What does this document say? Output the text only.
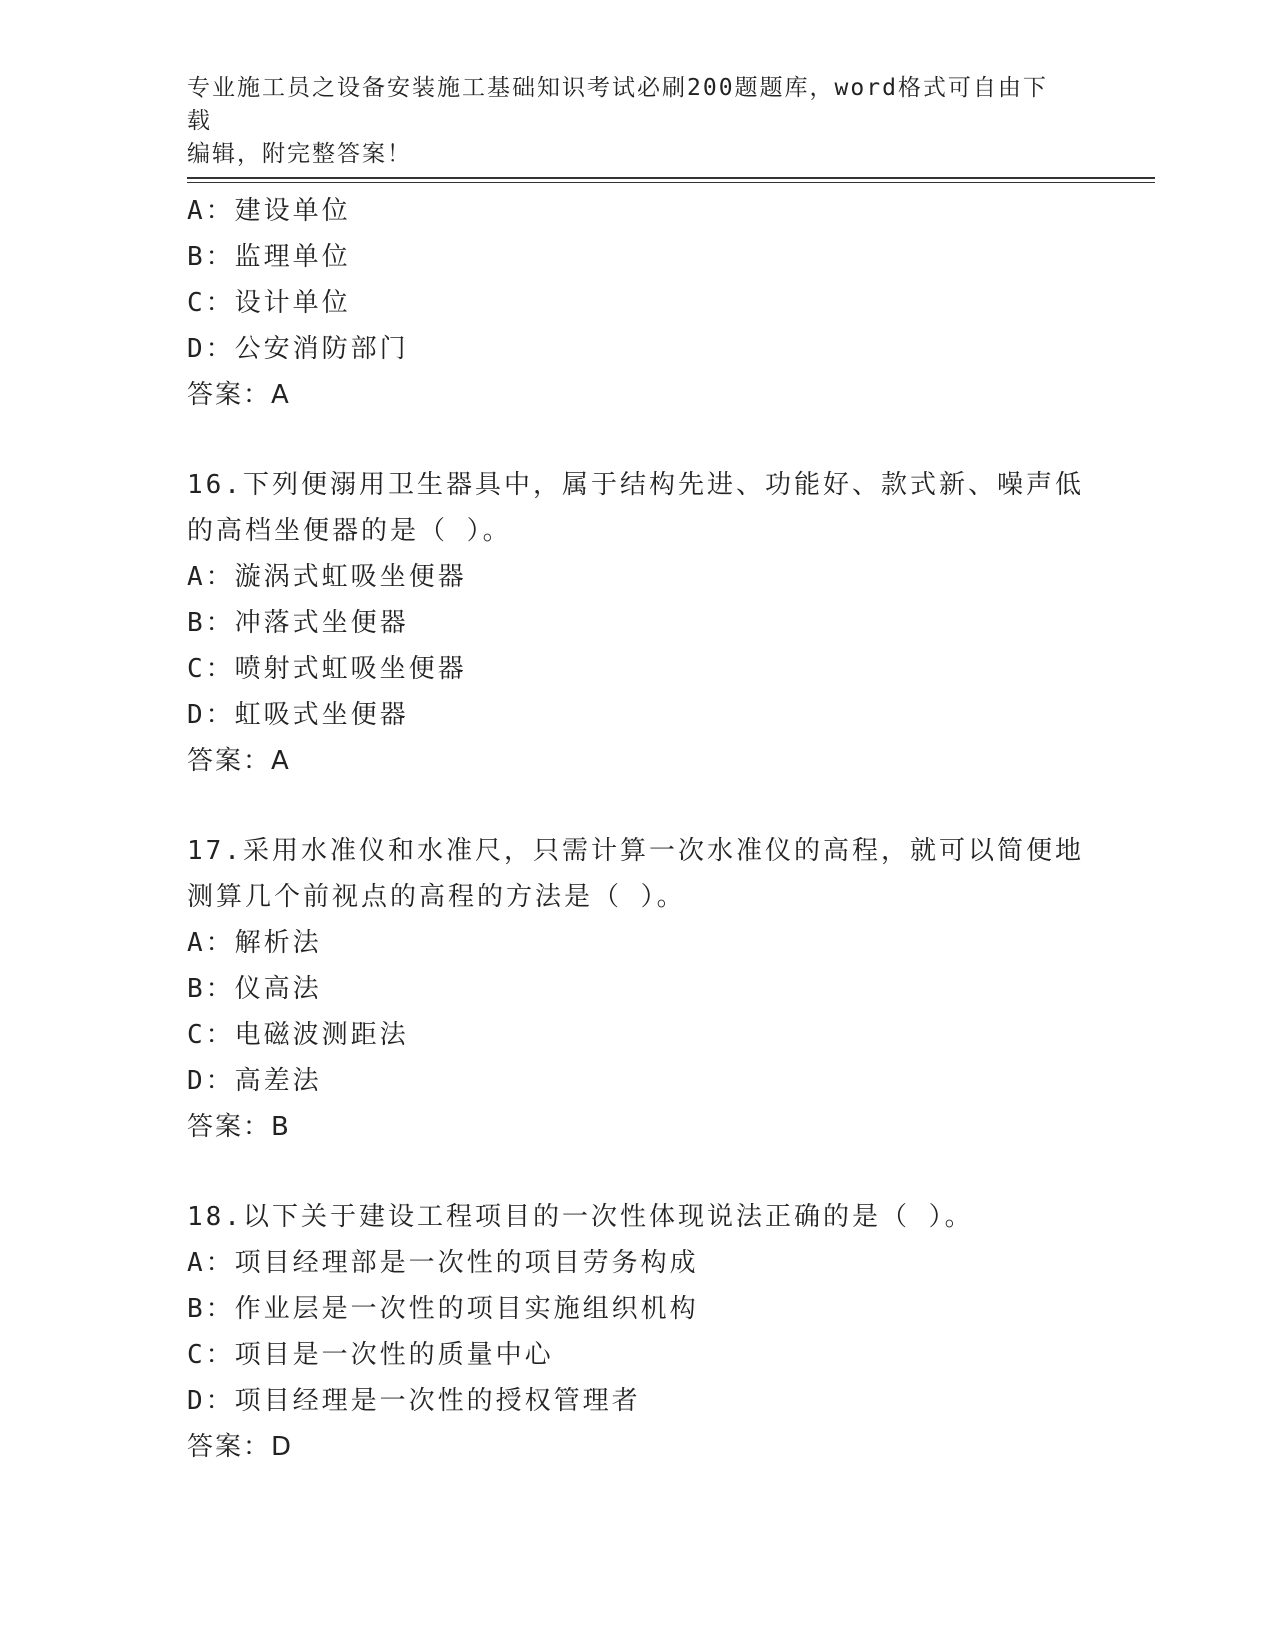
专业施工员之设备安装施工基础知识考试必刷200题题库，word格式可自由下载
编辑，附完整答案！
A：建设单位
B：监理单位
C：设计单位
D：公安消防部门
答案：A
16.下列便溺用卫生器具中，属于结构先进、功能好、款式新、噪声低
的高档坐便器的是（ ）。
A：漩涡式虹吸坐便器
B：冲落式坐便器
C：喷射式虹吸坐便器
D：虹吸式坐便器
答案：A
17.采用水准仪和水准尺，只需计算一次水准仪的高程，就可以简便地
测算几个前视点的高程的方法是（ ）。
A：解析法
B：仪高法
C：电磁波测距法
D：高差法
答案：B
18.以下关于建设工程项目的一次性体现说法正确的是（ ）。
A：项目经理部是一次性的项目劳务构成
B：作业层是一次性的项目实施组织机构
C：项目是一次性的质量中心
D：项目经理是一次性的授权管理者
答案：D
